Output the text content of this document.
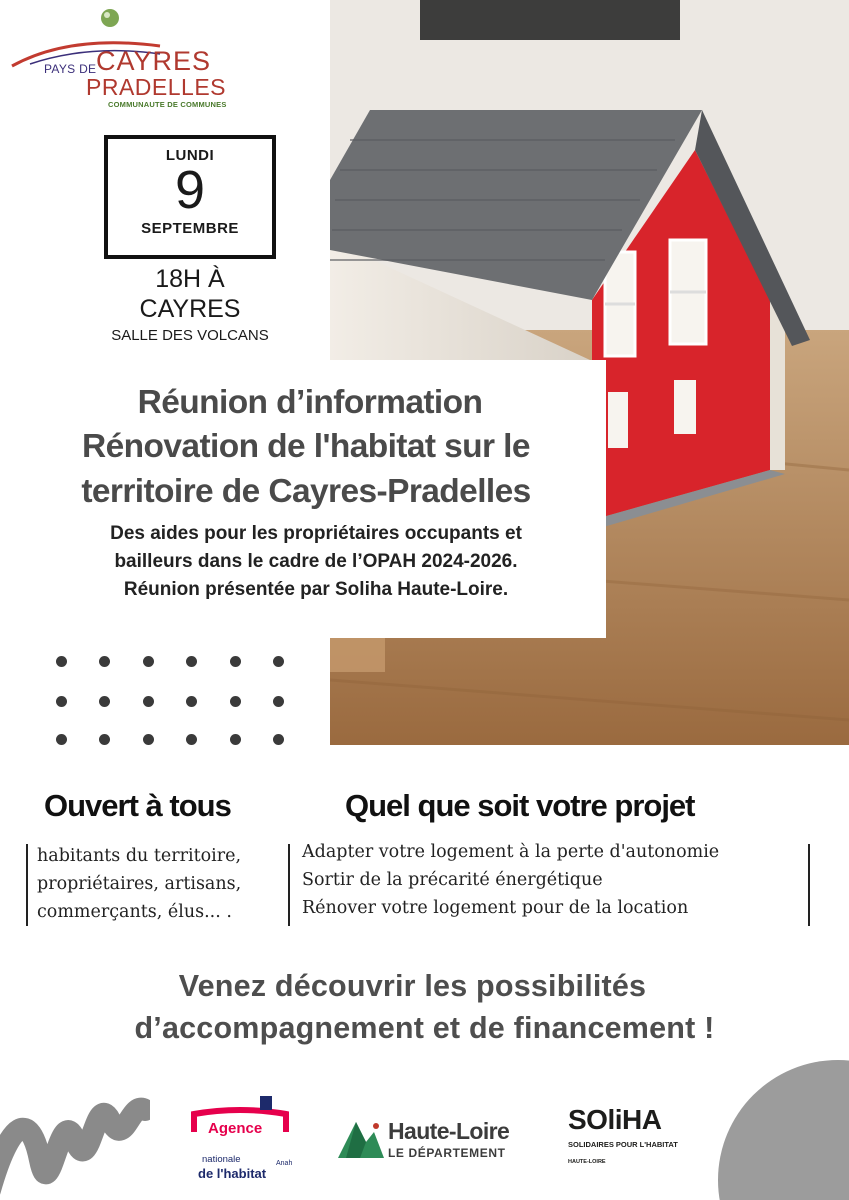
PAYS DE CAYRES
PRADELLES
COMMUNAUTE DE COMMUNES
LUNDI
9
SEPTEMBRE
18H À
CAYRES
SALLE DES VOLCANS
Réunion d’information
Rénovation de l'habitat sur le
territoire de Cayres-Pradelles

Des aides pour les propriétaires occupants et

bailleurs dans le cadre de l’OPAH 2024-2026.

Réunion présentée par Soliha Haute-Loire.

Ouvert à tous	Quel que soit votre projet
habitants du territoire,
propriétaires, artisans,
commerçants, élus... .
Adapter votre logement à la perte d'autonomie
Sortir de la précarité énergétique
Rénover votre logement pour de la location
Venez découvrir les possibilités
d’accompagnement et de financement !
Agence
nationale
de l'habitat
Anah
Haute-Loire
LE DÉPARTEMENT
SOliHA
SOLIDAIRES POUR L'HABITAT
HAUTE-LOIRE
